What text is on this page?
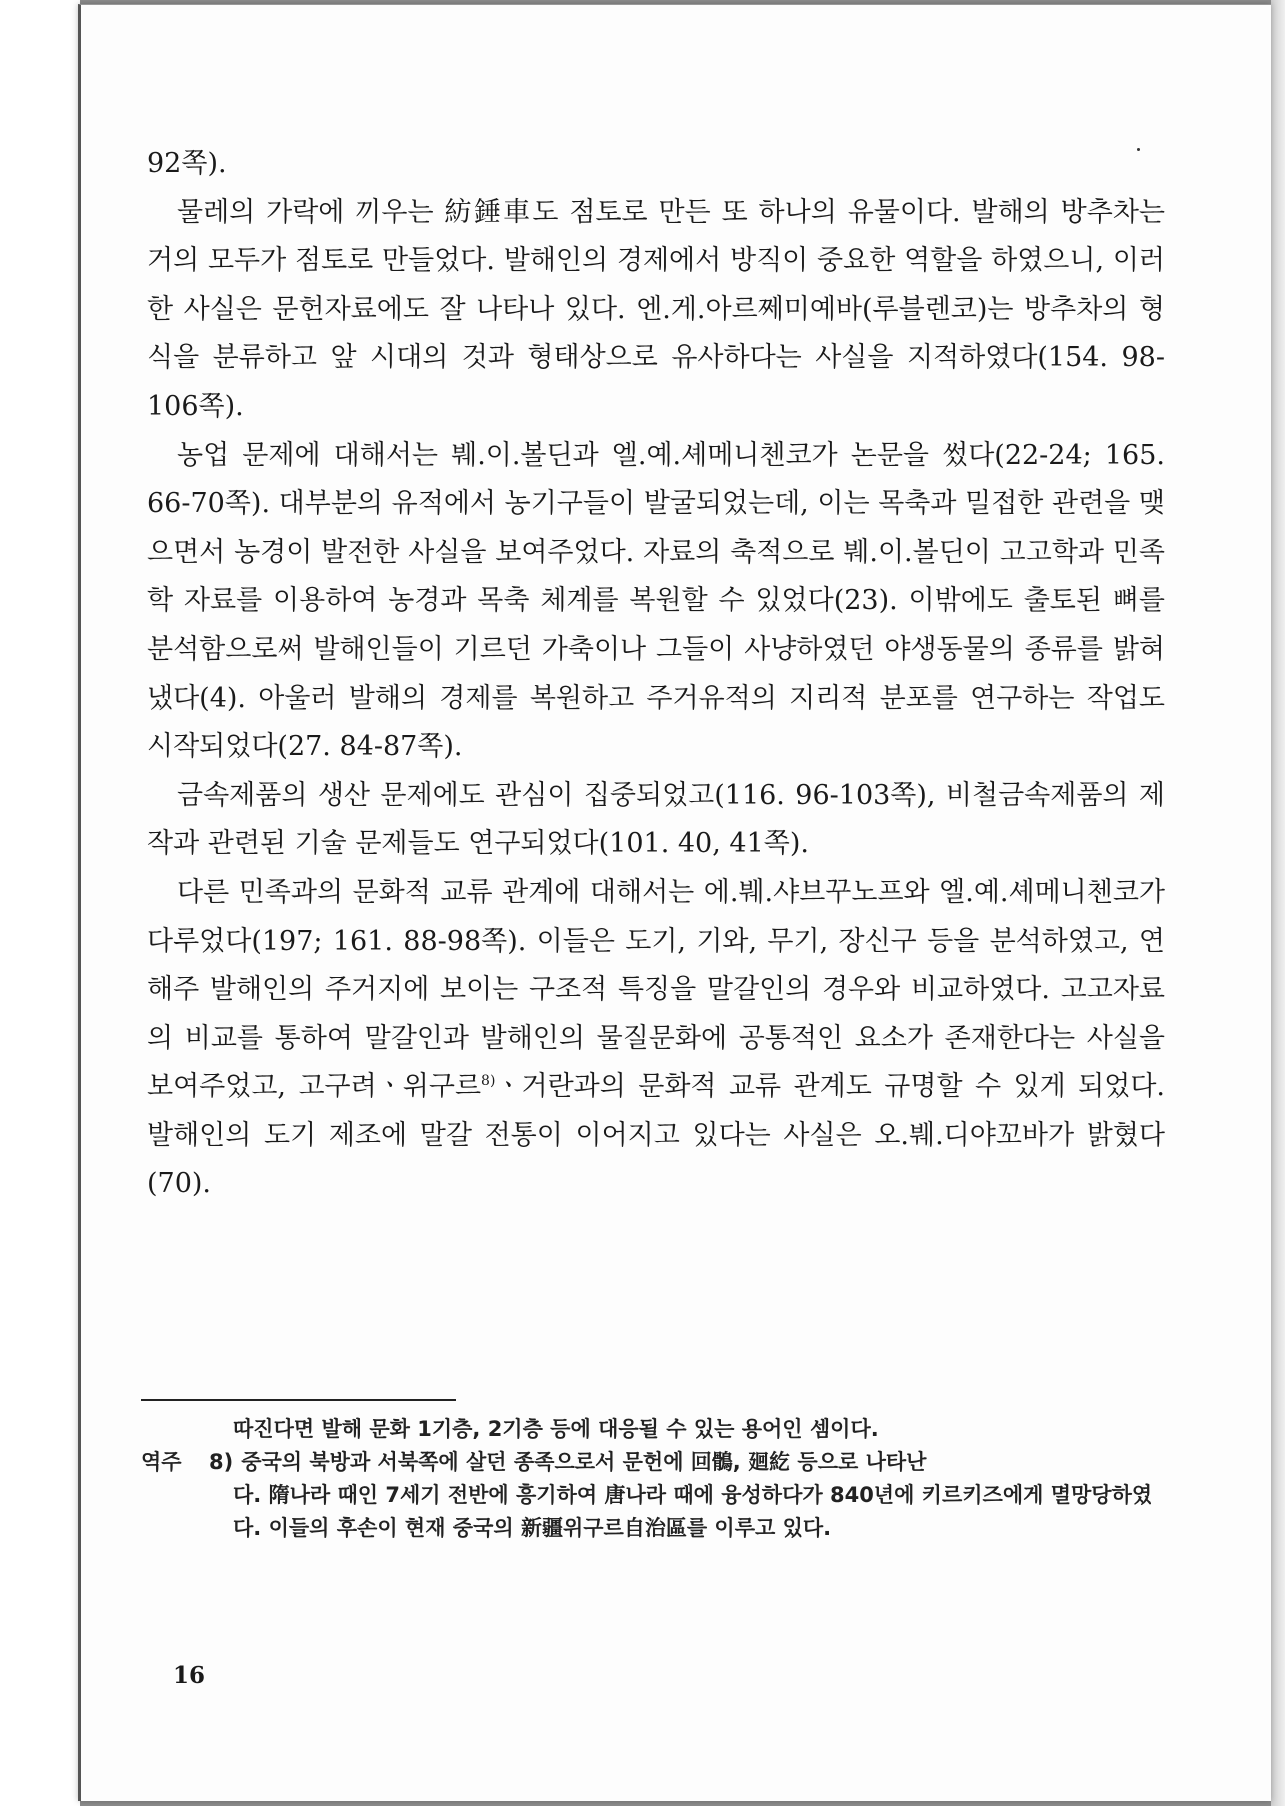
92쪽).

물레의 가락에 끼우는 紡錘車도 점토로 만든 또 하나의 유물이다. 발해의 방추차는 거의 모두가 점토로 만들었다. 발해인의 경제에서 방직이 중요한 역할을 하였으니, 이러한 사실은 문헌자료에도 잘 나타나 있다. 엔.게.아르쩨미예바(루블렌코)는 방추차의 형식을 분류하고 앞 시대의 것과 형태상으로 유사하다는 사실을 지적하였다(154. 98-106쪽).

농업 문제에 대해서는 붸.이.볼딘과 엘.예.셰메니첸코가 논문을 썼다(22-24; 165. 66-70쪽). 대부분의 유적에서 농기구들이 발굴되었는데, 이는 목축과 밀접한 관련을 맺으면서 농경이 발전한 사실을 보여주었다. 자료의 축적으로 붸.이.볼딘이 고고학과 민족학 자료를 이용하여 농경과 목축 체계를 복원할 수 있었다(23). 이밖에도 출토된 뼈를 분석함으로써 발해인들이 기르던 가축이나 그들이 사냥하였던 야생동물의 종류를 밝혀냈다(4). 아울러 발해의 경제를 복원하고 주거유적의 지리적 분포를 연구하는 작업도 시작되었다(27. 84-87쪽).

금속제품의 생산 문제에도 관심이 집중되었고(116. 96-103쪽), 비철금속제품의 제작과 관련된 기술 문제들도 연구되었다(101. 40, 41쪽).

다른 민족과의 문화적 교류 관계에 대해서는 에.붸.샤브꾸노프와 엘.예.셰메니첸코가 다루었다(197; 161. 88-98쪽). 이들은 도기, 기와, 무기, 장신구 등을 분석하였고, 연해주 발해인의 주거지에 보이는 구조적 특징을 말갈인의 경우와 비교하였다. 고고자료의 비교를 통하여 말갈인과 발해인의 물질문화에 공통적인 요소가 존재한다는 사실을 보여주었고, 고구려ㆍ위구르$^{8)}$ㆍ거란과의 문화적 교류 관계도 규명할 수 있게 되었다. 발해인의 도기 제조에 말갈 전통이 이어지고 있다는 사실은 오.붸.디야꼬바가 밝혔다(70).

따진다면 발해 문화 1기층, 2기층 등에 대응될 수 있는 용어인 셈이다.
역주	8) 중국의 북방과 서북쪽에 살던 종족으로서 문헌에 回鶻, 廻紇 등으로 나타난
다. 隋나라 때인 7세기 전반에 흥기하여 唐나라 때에 융성하다가 840년에 키르키즈에게 멸망당하였다. 이들의 후손이 현재 중국의 新疆위구르自治區를 이루고 있다.
16
